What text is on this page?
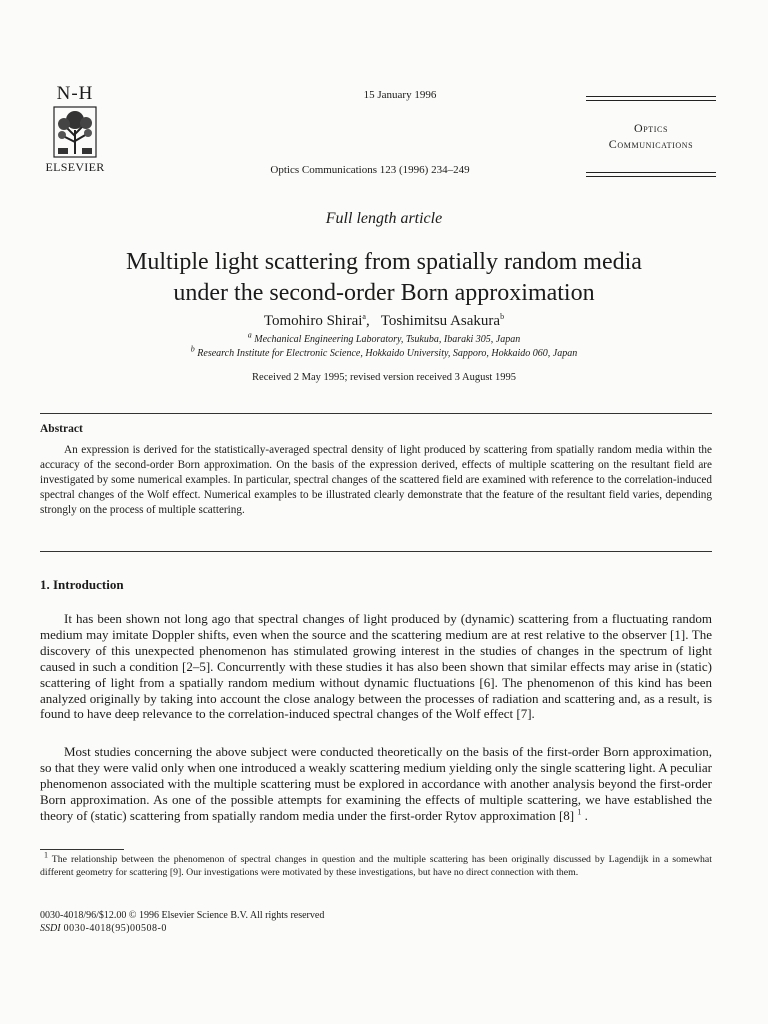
N-H
ELSEVIER
15 January 1996
Optics Communications 123 (1996) 234–249
Optics
Communications
Full length article
Multiple light scattering from spatially random media
under the second-order Born approximation
Tomohiro Shirai$^a$,   Toshimitsu Asakura$^b$
$^a$ Mechanical Engineering Laboratory, Tsukuba, Ibaraki 305, Japan
$^b$ Research Institute for Electronic Science, Hokkaido University, Sapporo, Hokkaido 060, Japan
Received 2 May 1995; revised version received 3 August 1995
Abstract
An expression is derived for the statistically-averaged spectral density of light produced by scattering from spatially random media within the accuracy of the second-order Born approximation. On the basis of the expression derived, effects of multiple scattering on the resultant field are investigated by some numerical examples. In particular, spectral changes of the scattered field are examined with reference to the correlation-induced spectral changes of the Wolf effect. Numerical examples to be illustrated clearly demonstrate that the feature of the resultant field varies, depending strongly on the process of multiple scattering.
1. Introduction
It has been shown not long ago that spectral changes of light produced by (dynamic) scattering from a fluctuating random medium may imitate Doppler shifts, even when the source and the scattering medium are at rest relative to the observer [1]. The discovery of this unexpected phenomenon has stimulated growing interest in the studies of changes in the spectrum of light caused in such a condition [2–5]. Concurrently with these studies it has also been shown that similar effects may arise in (static) scattering of light from a spatially random medium without dynamic fluctuations [6]. The phenomenon of this kind has been analyzed originally by taking into account the close analogy between the processes of radiation and scattering and, as a result, is found to have deep relevance to the correlation-induced spectral changes of the Wolf effect [7].
Most studies concerning the above subject were conducted theoretically on the basis of the first-order Born approximation, so that they were valid only when one introduced a weakly scattering medium yielding only the single scattering light. A peculiar phenomenon associated with the multiple scattering must be explored in accordance with another analysis beyond the first-order Born approximation. As one of the possible attempts for examining the effects of multiple scattering, we have established the theory of (static) scattering from spatially random media under the first-order Rytov approximation [8] $^1$ .
$^1$ The relationship between the phenomenon of spectral changes in question and the multiple scattering has been originally discussed by Lagendijk in a somewhat different geometry for scattering [9]. Our investigations were motivated by these investigations, but have no direct connection with them.
0030-4018/96/$12.00 © 1996 Elsevier Science B.V. All rights reserved
SSDI 0030-4018(95)00508-0
